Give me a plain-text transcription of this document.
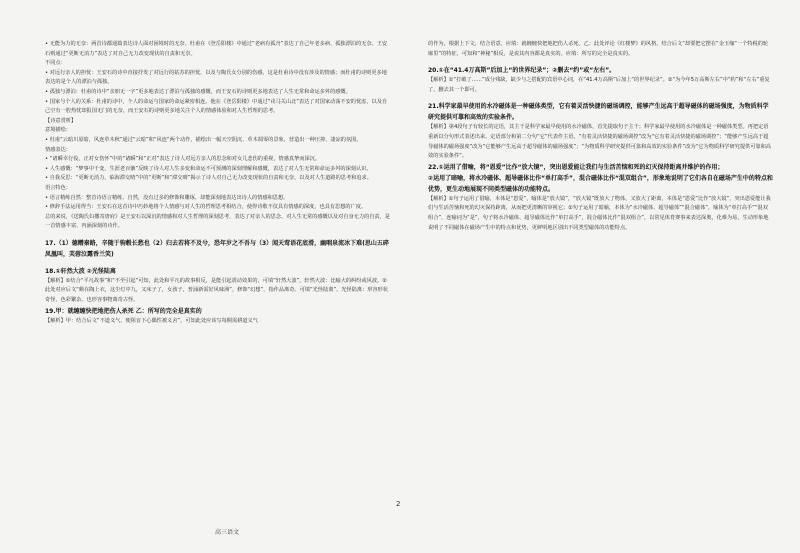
• 无能为力的无奈：两首诗都通篇表达诗人面对困境时的无奈。杜甫在《登岳阳楼》中通过“老病有孤舟”表达了自己年老多病、孤独漂泊的无奈。王安石则通过“更断无消力”表达了对自己无力改变现状的自责和无奈。

不同点：

• 对远行亲人的担忧：王安石的诗中直接抒发了对远行的姑苏的担忧，以及与陶氏女分别的伤感，这是杜甫诗中没有涉及的情感；而杜甫的诗则更多地表达的是个人的漂泊与孤独。

• 孤独与漂泊：杜甫的诗中“亲朋无一字”更多地表达了漂泊与孤独的感慨，而王安石的诗则更多地表达了人生无常和命运多舛的感慨。

• 国家与个人的关系：杜甫的诗中，个人的命运与国家的命运紧密相连。他在《登岳阳楼》中通过“戎马关山北”表达了对国家动荡不安的忧虑，以及自己空有一腔热忱却报国无门的无奈，而王安石的诗则更多地关注个人的情感体验和对人生哲理的思考。

【诗意赏析】

意境描绘：

• 杜甫“云暗川原暗，风连草木秋”通过“云暗”和“风连”两个动作，描绘出一幅天空阴沉、草木凋零的景象，营造出一种压抑、凄凉的氛围。

情感表达：

• “诸瞬幸行役，正对女伤怀”中的“诸瞬”和“正对”表达了诗人对远方亲人的思念和对女儿悲伤的重视，情感真挚而深沉。

• 人生感慨：“梦事中千变，生涯老百骸”反映了诗人对人生多变和命运不可预测的深刻理解和感慨，表达了对人生无常和命运多舛的深刻认识。

• 自我反思：“更断无消力，临海滞交晴”中的“更断”和“滞交晴”揭示了诗人对自己无力改变现状的自责和无奈，以及对人生道路的思考和追求。

语言特色：

• 语言精练自然：整首诗语言精练、自然，没有过多的修饰和雕琢，却能深刻地表达出诗人的情感和思想。

• 修辞手法运用得当：王安石在这首诗中巧妙地将个人情感与对人生的哲理思考相结合，使得诗歌不仅具有情感的深度，也具有思想的广度。

总的来说，《送陶氏妇撒寄唐府》是王安石以深沉的情感和对人生哲理的深刻思考，表达了对亲人的思念、对人生无常的感慨以及对自身无力的自责，是一首情感丰富、内涵深刻的诗作。

17.（1）德赠秦路，辛随于驹毂长愁也（2）归去若将不及兮，恐年岁之不吾与（3）闻天莺语花底滑，幽咽泉流冰下难(思山五碎凤凰叫，芙蓉泣露香兰笑)

18.①轩然大波 ②光怪陆离

【解析】①结合“平凡故事”和“不至引起”可知，此处和平凡的故事相反，是能引起震动效果的，可填“轩然大波”。轩然大波：比喻大的纠纷或风波。②此处对应后文“颇在陶上衣，这尘灯中九，又床子了，女孩子，普涌新需好风味洲”，修饰“幻想”，指作品离奇。可填“光怪陆离”。光怪陆离：形容形状奇怪，色彩繁杂。也形容事物离奇古怪。

19.甲：就缠缠快把地把伤人杀死 乙：所写的完全是真实的

【解析】甲：结合后文“不道义气，便阻盲下心偶性被义舍”，可知此处应该写每桐需耕道义气

的作为，根据上下文，结合语意，应填：就缠缠快把地把伤人杀死。乙：此处评论《红楼梦》的风格，结合后文“却要把它摆在“金玉缘”一个特税的轮廓里”的特征，可知和“神秘”相反，是说其内容都是真实的。应填：所写的完全是真实的。

20.①在“41.4万高斯”后加上“的世界纪录”；②删去“约”或“左右”。

【解析】①“打破了……”成分残缺，缺少与之搭配的宾语中心词，在“41.4万高斯”后加上“的世界纪录”。②“为今年5万高斯左右”中“约”和“左右”重复了，删去其一个即可。

21.科学家最早使用的水冷磁体是一种磁体类型，它有着灵活快捷的磁场调控，能够产生远高于超导磁体的磁场强度，为物质科学研究提供可靠和高效的实验条件。

【解析】第4段句子有较长的定语，其主干是科学家最早使用的水冷磁体，首先提取句子主干；科学家最早使用的水冷磁体是一种磁体类型。再把定语重新以分句形式表述出来。定语部分和第二分句“它”代表作主语。“有着灵活快捷的磁场调控”改为“它有着灵活快捷的磁场调控”；“能够产生远高于超导磁体的磁场强度”改为“它能够产生远高于超导磁体的磁场强度”；“为物质科学研究提供可靠和高效的实验条件”改为“它为物质科学研究提供可靠和高效的实验条件”。

22.①运用了借喻，将“恩爱”比作“放大镜”，突出恩爱能让我们与生活苦恼和死的幻灭保持距离并维护的作用；

②运用了暗喻，将水冷磁体、超导磁体比作“单打高手”，混合磁体比作“混双组合”，形象地说明了它们各自在磁场产生中的特点和优势，更生动地展现不同类型磁体的功能特点。

【解析】①句子运用了借喻，本体是“恩爱”，喻体是“放大镜”，“放大镜”既放大了物体，又放大了距离，本体是“恩爱”比作“放大镜”，突出恩爱能让我们与生活苦恼和死的幻灭保持距离，从而把更清晰的审视它；②句子运用了暗喻，本体为“水冷磁体、超导磁体”“混合磁体”，喻体为“单打高手”“混双组合”，连喻词为“是”，句子将水冷磁体、超导磁体比作“单打高手”，混合磁体比作“混双组合”，以常见体育赛事来表达深奥，化难为易，生动形象地说明了不同磁体在磁场产生中的特点和优势，更鲜明地区别出不同类型磁体的功能特点。

高三语文
2
